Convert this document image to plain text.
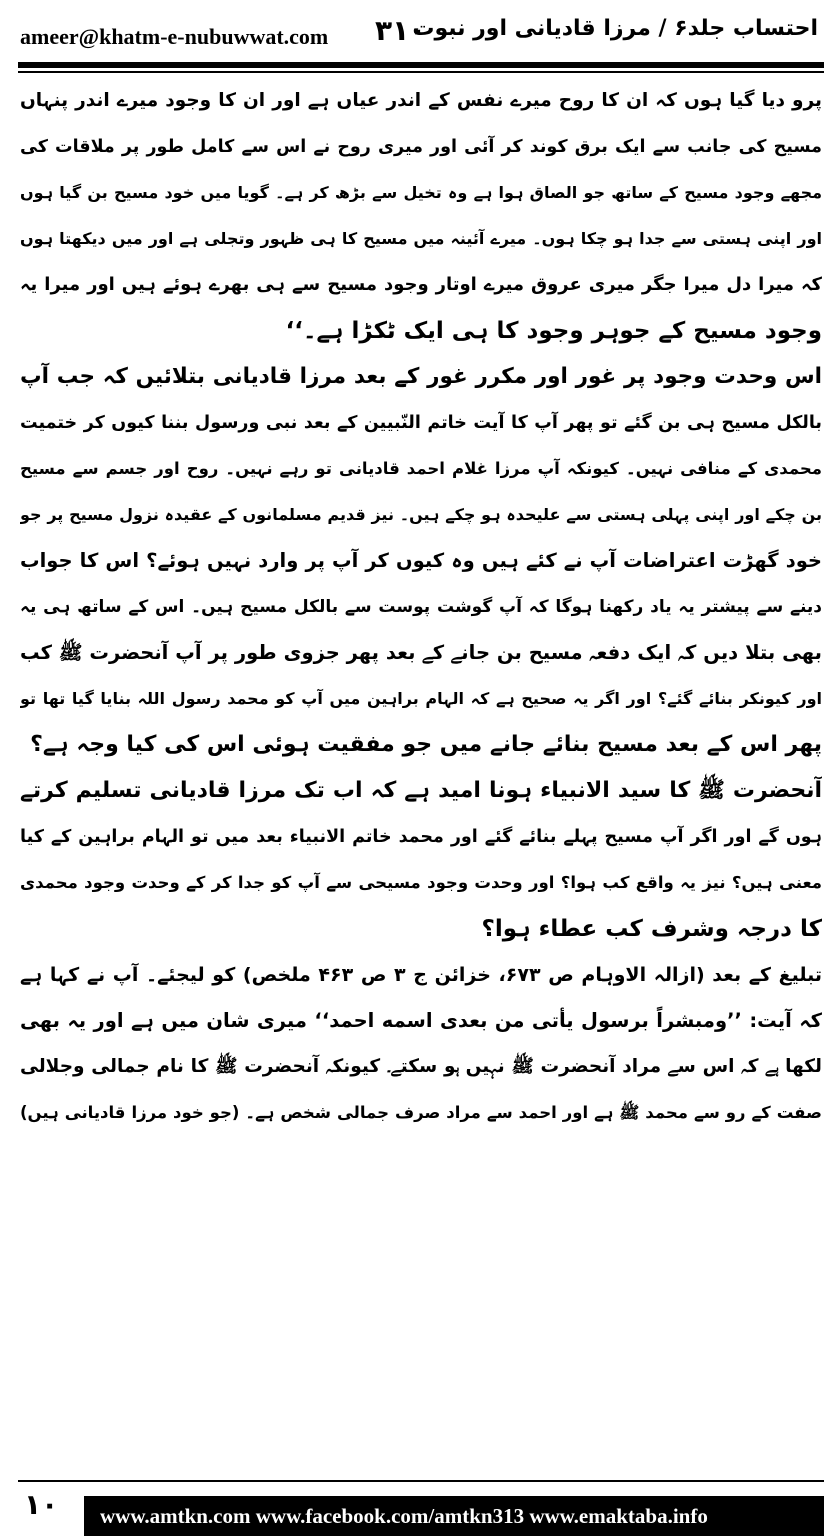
ameer@khatm-e-nubuwwat.com ۳۱۰
احتساب جلد۶ / مرزا قادیانی اور نبوت
پرو دیا گیا ہوں کہ ان کا روح میرے نفس کے اندر عیاں ہے اور ان کا وجود میرے اندر پنہاں
مسیح کی جانب سے ایک برق کوند کر آئی اور میری روح نے اس سے کامل طور پر ملاقات کی
مجھے وجود مسیح کے ساتھ جو الصاق ہوا ہے وہ تخیل سے بڑھ کر ہے۔ گویا میں خود مسیح بن گیا ہوں
اور اپنی ہستی سے جدا ہو چکا ہوں۔ میرے آئینہ میں مسیح کا ہی ظہور وتجلی ہے اور میں دیکھتا ہوں
کہ میرا دل میرا جگر میری عروق میرے اوتار وجود مسیح سے ہی بھرے ہوئے ہیں اور میرا یہ
وجود مسیح کے جوہر وجود کا ہی ایک ٹکڑا ہے۔‘‘
اس وحدت وجود پر غور اور مکرر غور کے بعد مرزا قادیانی بتلائیں کہ جب آپ
بالکل مسیح ہی بن گئے تو پھر آپ کا آیت خاتم النّبیین کے بعد نبی ورسول بننا کیوں کر ختمیت
محمدی کے منافی نہیں۔ کیونکہ آپ مرزا غلام احمد قادیانی تو رہے نہیں۔ روح اور جسم سے مسیح
بن چکے اور اپنی پہلی ہستی سے علیحدہ ہو چکے ہیں۔ نیز قدیم مسلمانوں کے عقیدہ نزول مسیح پر جو
خود گھڑت اعتراضات آپ نے کئے ہیں وہ کیوں کر آپ پر وارد نہیں ہوئے؟ اس کا جواب
دینے سے پیشتر یہ یاد رکھنا ہوگا کہ آپ گوشت پوست سے بالکل مسیح ہیں۔ اس کے ساتھ ہی یہ
بھی بتلا دیں کہ ایک دفعہ مسیح بن جانے کے بعد پھر جزوی طور پر آپ آنحضرت ﷺ کب
اور کیونکر بنائے گئے؟ اور اگر یہ صحیح ہے کہ الہام براہین میں آپ کو محمد رسول اللہ بنایا گیا تھا تو
پھر اس کے بعد مسیح بنائے جانے میں جو مفقیت ہوئی اس کی کیا وجہ ہے؟
آنحضرت ﷺ کا سید الانبیاء ہونا امید ہے کہ اب تک مرزا قادیانی تسلیم کرتے
ہوں گے اور اگر آپ مسیح پہلے بنائے گئے اور محمد خاتم الانبیاء بعد میں تو الہام براہین کے کیا
معنی ہیں؟ نیز یہ واقع کب ہوا؟ اور وحدت وجود مسیحی سے آپ کو جدا کر کے وحدت وجود محمدی
کا درجہ وشرف کب عطاء ہوا؟
تبلیغ کے بعد (ازالہ الاوہام ص ۶۷۳، خزائن ج ۳ ص ۴۶۳ ملخص) کو لیجئے۔ آپ نے کہا ہے
کہ آیت: ’’ومبشراً برسول یأتی من بعدی اسمه احمد‘‘ میری شان میں ہے اور یہ بھی
لکھا ہے کہ اس سے مراد آنحضرت ﷺ نہیں ہو سکتے۔ کیونکہ آنحضرت ﷺ کا نام جمالی وجلالی
صفت کے رو سے محمد ﷺ ہے اور احمد سے مراد صرف جمالی شخص ہے۔ (جو خود مرزا قادیانی ہیں)
۱۰ www.amtkn.com www.facebook.com/amtkn313 www.emaktaba.info
